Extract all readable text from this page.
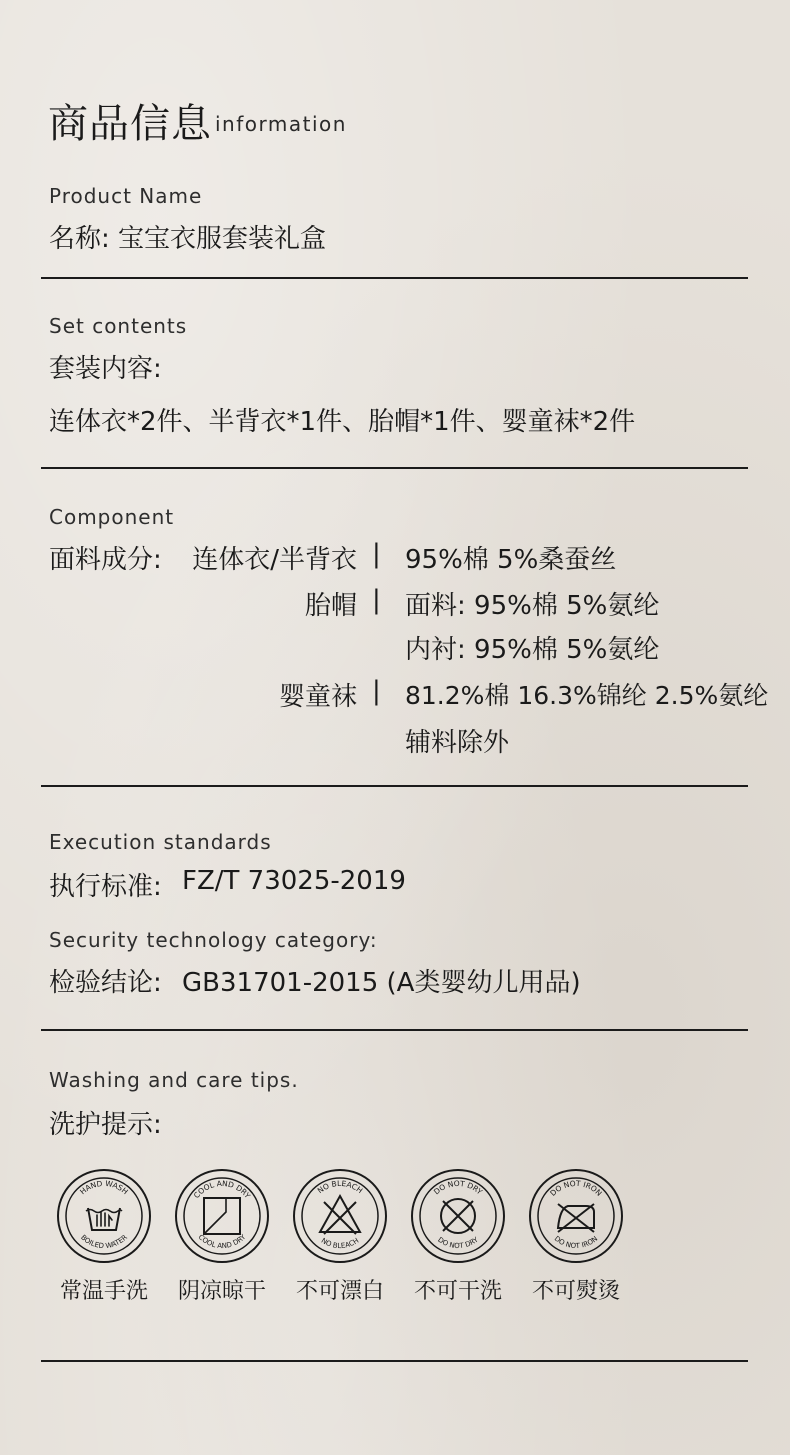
商品信息 information
Product Name
名称: 宝宝衣服套装礼盒
Set contents
套装内容:
连体衣*2件、半背衣*1件、胎帽*1件、婴童袜*2件
Component
面料成分: 连体衣/半背衣 | 95%棉 5%桑蚕丝
胎帽 | 面料: 95%棉 5%氨纶
内衬: 95%棉 5%氨纶
婴童袜 | 81.2%棉 16.3%锦纶 2.5%氨纶
辅料除外
Execution standards
执行标准: FZ/T 73025-2019
Security technology category:
检验结论: GB31701-2015 (A类婴幼儿用品)
Washing and care tips.
洗护提示:
HAND WASH
BOILED WATER
常温手洗
COOL AND DRY
COOL AND DRY
阴凉晾干
NO BLEACH
NO BLEACH
不可漂白
DO NOT DRY
DO NOT DRY
不可干洗
DO NOT IRON
DO NOT IRON
不可熨烫
